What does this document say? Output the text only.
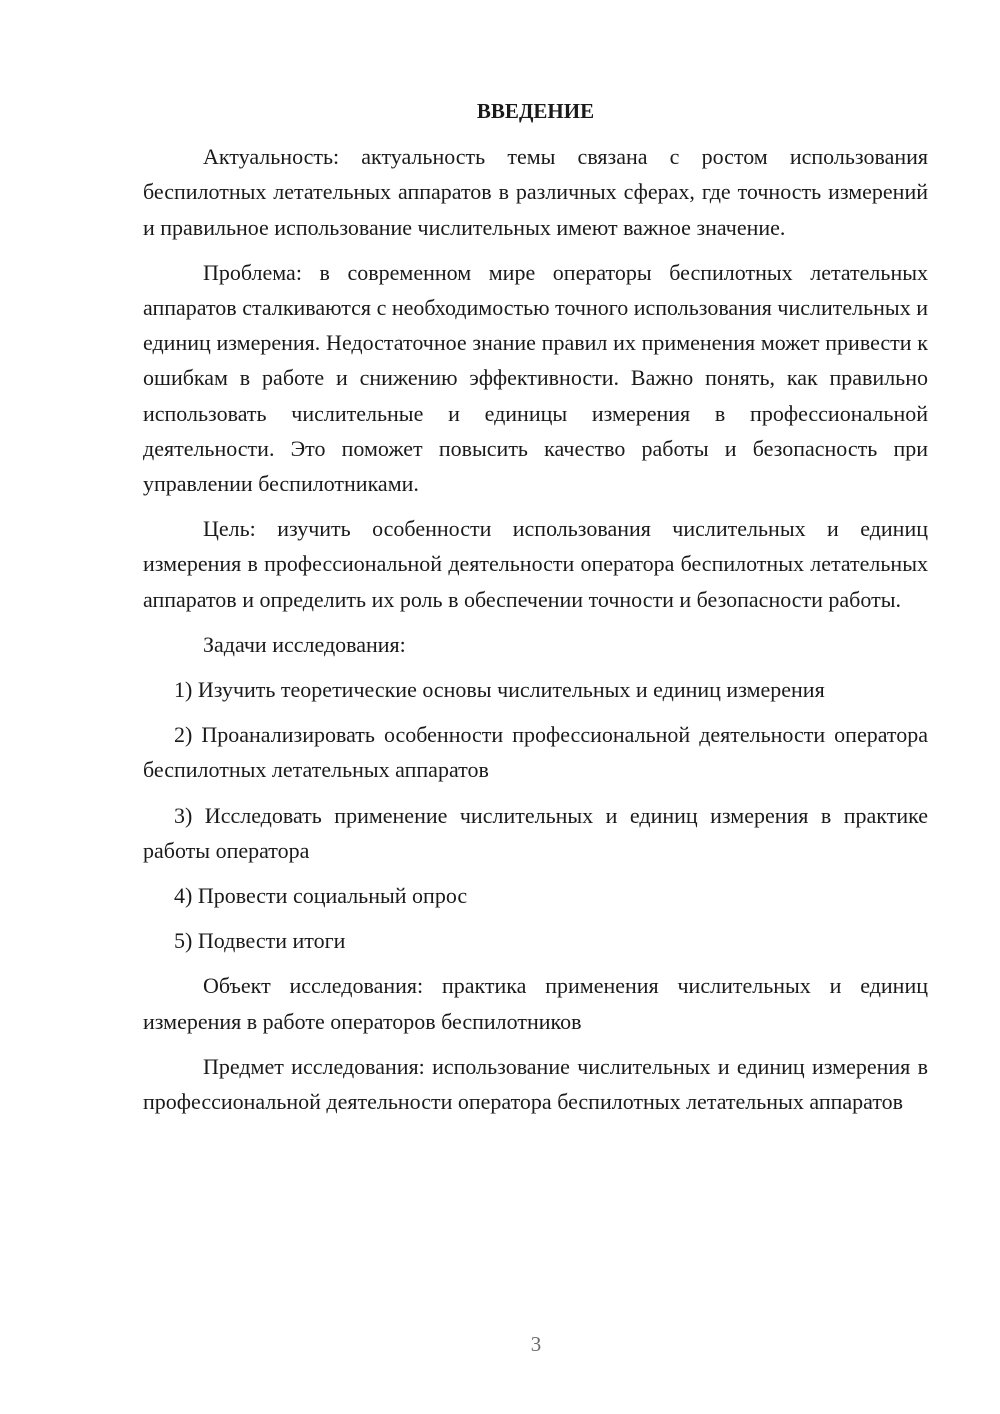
ВВЕДЕНИЕ
Актуальность: актуальность темы связана с ростом использования беспилотных летательных аппаратов в различных сферах, где точность измерений и правильное использование числительных имеют важное значение.
Проблема: в современном мире операторы беспилотных летательных аппаратов сталкиваются с необходимостью точного использования числительных и единиц измерения. Недостаточное знание правил их применения может привести к ошибкам в работе и снижению эффективности. Важно понять, как правильно использовать числительные и единицы измерения в профессиональной деятельности. Это поможет повысить качество работы и безопасность при управлении беспилотниками.
Цель: изучить особенности использования числительных и единиц измерения в профессиональной деятельности оператора беспилотных летательных аппаратов и определить их роль в обеспечении точности и безопасности работы.
Задачи исследования:
1) Изучить теоретические основы числительных и единиц измерения
2) Проанализировать особенности профессиональной деятельности оператора беспилотных летательных аппаратов
3) Исследовать применение числительных и единиц измерения в практике работы оператора
4) Провести социальный опрос
5) Подвести итоги
Объект исследования: практика применения числительных и единиц измерения в работе операторов беспилотников
Предмет исследования: использование числительных и единиц измерения в профессиональной деятельности оператора беспилотных летательных аппаратов
3
